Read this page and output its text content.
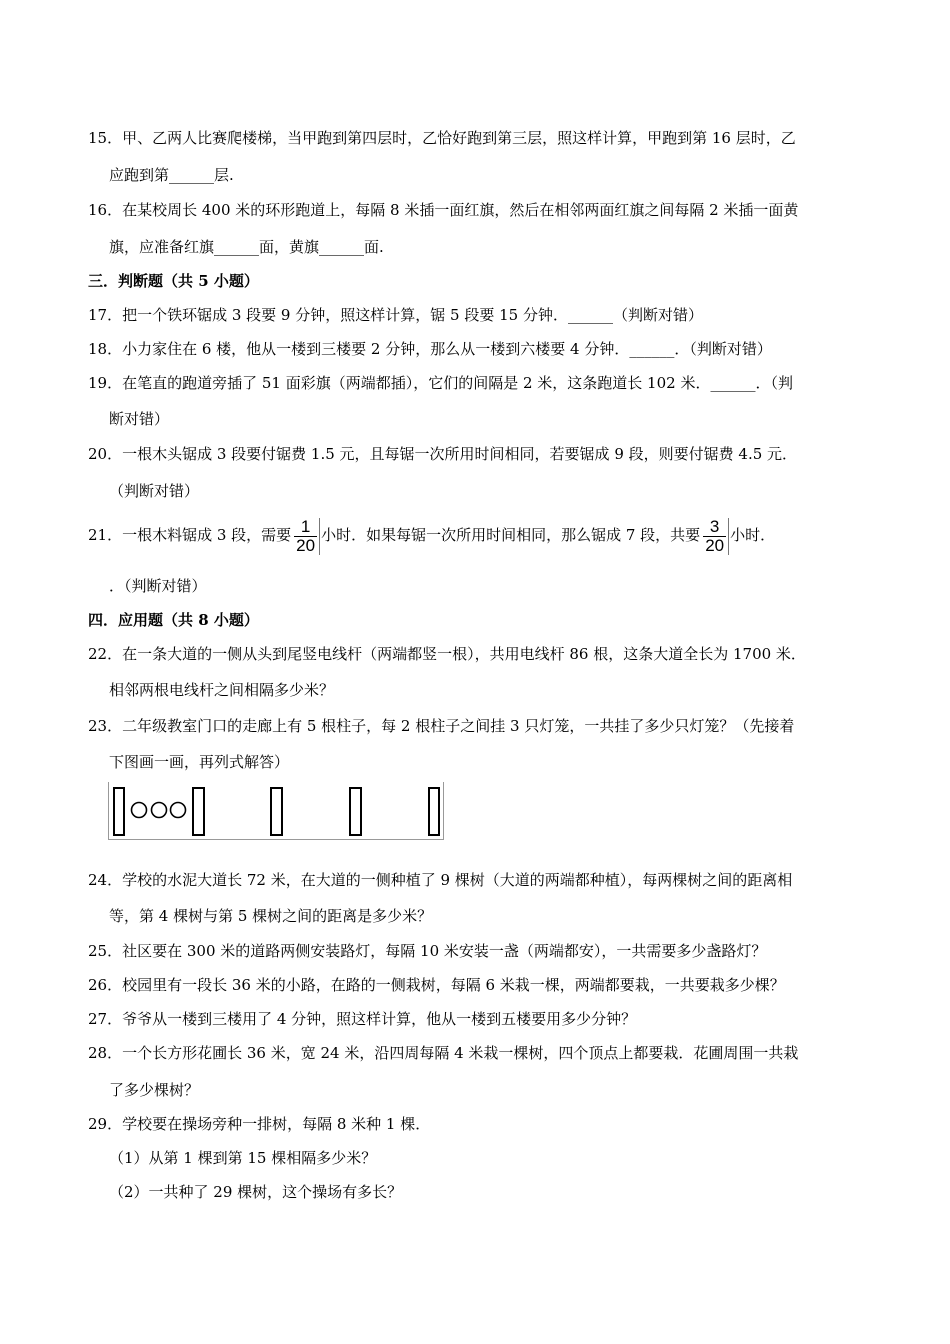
15．甲、乙两人比赛爬楼梯，当甲跑到第四层时，乙恰好跑到第三层，照这样计算，甲跑到第 16 层时，乙
应跑到第______层.
16．在某校周长 400 米的环形跑道上，每隔 8 米插一面红旗，然后在相邻两面红旗之间每隔 2 米插一面黄
旗，应准备红旗______面，黄旗______面.
三．判断题（共 5 小题）
17．把一个铁环锯成 3 段要 9 分钟，照这样计算，锯 5 段要 15 分钟．______（判断对错）
18．小力家住在 6 楼，他从一楼到三楼要 2 分钟，那么从一楼到六楼要 4 分钟．______．（判断对错）
19．在笔直的跑道旁插了 51 面彩旗（两端都插），它们的间隔是 2 米，这条跑道长 102 米．______．（判
断对错）
20．一根木头锯成 3 段要付锯费 1.5 元，且每锯一次所用时间相同，若要锯成 9 段，则要付锯费 4.5 元．
（判断对错）
21．一根木料锯成 3 段，需要 $\frac{1}{20}$ 小时．如果每锯一次所用时间相同，那么锯成 7 段，共要 $\frac{3}{20}$ 小时．
．（判断对错）
四．应用题（共 8 小题）
22．在一条大道的一侧从头到尾竖电线杆（两端都竖一根），共用电线杆 86 根，这条大道全长为 1700 米．
相邻两根电线杆之间相隔多少米？
23．二年级教室门口的走廊上有 5 根柱子，每 2 根柱子之间挂 3 只灯笼，一共挂了多少只灯笼？（先接着
下图画一画，再列式解答）
24．学校的水泥大道长 72 米，在大道的一侧种植了 9 棵树（大道的两端都种植），每两棵树之间的距离相
等，第 4 棵树与第 5 棵树之间的距离是多少米？
25．社区要在 300 米的道路两侧安装路灯，每隔 10 米安装一盏（两端都安），一共需要多少盏路灯？
26．校园里有一段长 36 米的小路，在路的一侧栽树，每隔 6 米栽一棵，两端都要栽，一共要栽多少棵？
27．爷爷从一楼到三楼用了 4 分钟，照这样计算，他从一楼到五楼要用多少分钟？
28．一个长方形花圃长 36 米，宽 24 米，沿四周每隔 4 米栽一棵树，四个顶点上都要栽．花圃周围一共栽
了多少棵树？
29．学校要在操场旁种一排树，每隔 8 米种 1 棵．
（1）从第 1 棵到第 15 棵相隔多少米？
（2）一共种了 29 棵树，这个操场有多长？
